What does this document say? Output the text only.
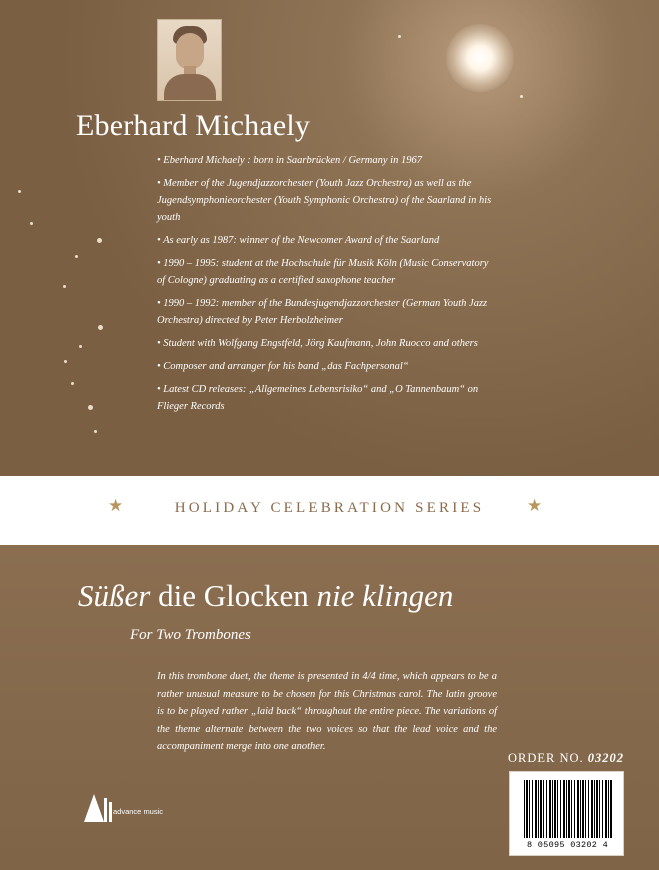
Eberhard Michaely
• Eberhard Michaely : born in Saarbrücken / Germany in 1967
• Member of the Jugendjazzorchester (Youth Jazz Orchestra) as well as the Jugendsymphonieorchester (Youth Symphonic Orchestra) of the Saarland in his youth
• As early as 1987: winner of the Newcomer Award of the Saarland
• 1990 – 1995: student at the Hochschule für Musik Köln (Music Conservatory of Cologne) graduating as a certified saxophone teacher
• 1990 – 1992: member of the Bundesjugendjazzorchester (German Youth Jazz Orchestra) directed by Peter Herbolzheimer
• Student with Wolfgang Engstfeld, Jörg Kaufmann, John Ruocco and others
• Composer and arranger for his band „das Fachpersonal“
• Latest CD releases: „Allgemeines Lebensrisiko“ and „O Tannenbaum“ on Flieger Records
★	HOLIDAY CELEBRATION SERIES	★
Süßer die Glocken nie klingen
For Two Trombones

In this trombone duet, the theme is presented in 4/4 time, which appears to be a rather unusual measure to be chosen for this Christmas carol. The latin groove is to be played rather „laid back“ throughout the entire piece. The variations of the theme alternate between the two voices so that the lead voice and the accompaniment merge into one another.

advance music
ORDER NO. 03202
8 05095 03202 4
